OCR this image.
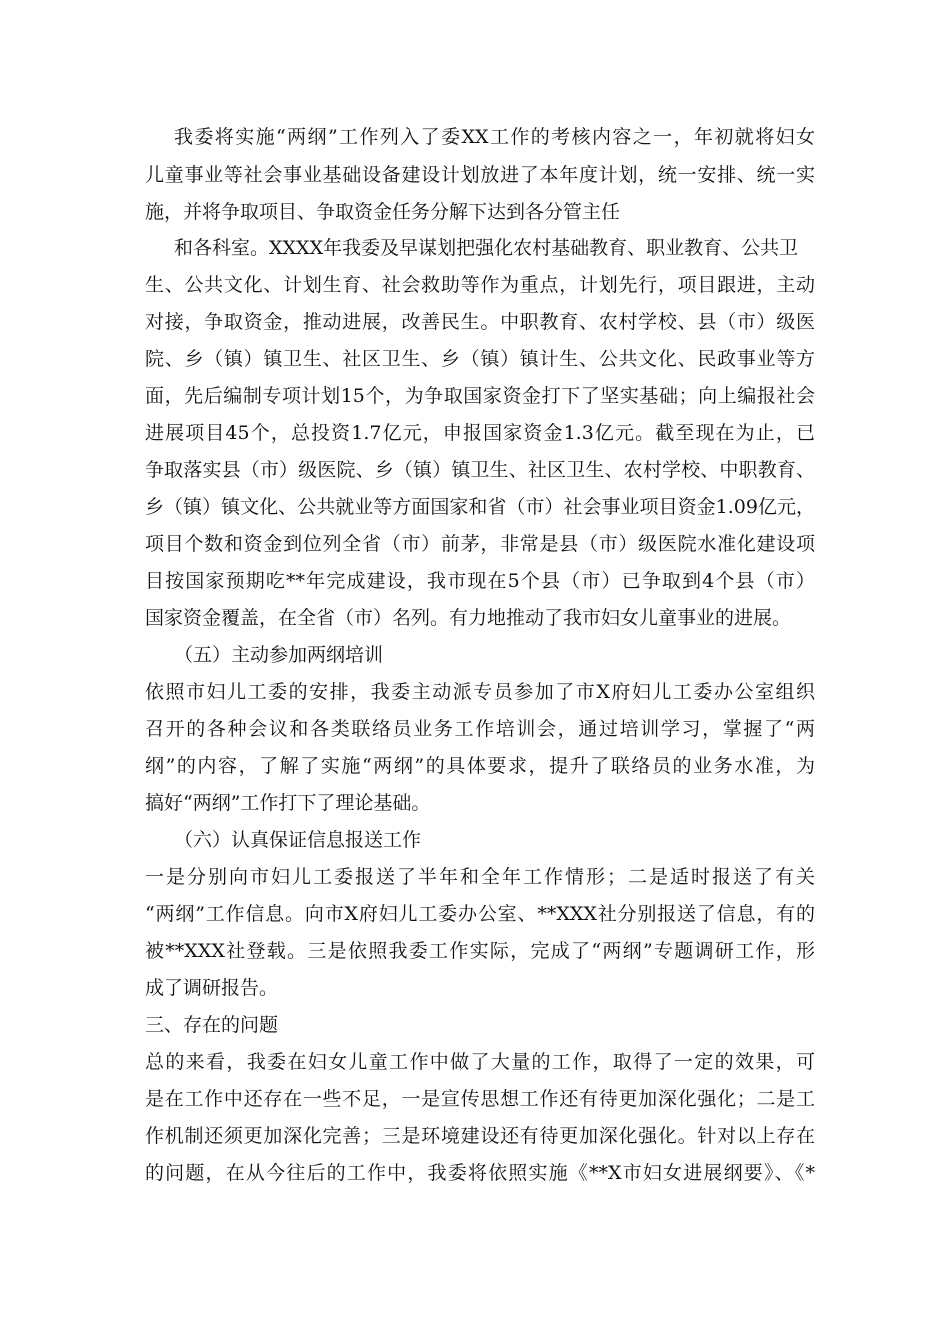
我委将实施“两纲”工作列入了委XX工作的考核内容之一，年初就将妇女
儿童事业等社会事业基础设备建设计划放进了本年度计划，统一安排、统一实
施，并将争取项目、争取资金任务分解下达到各分管主任
和各科室。XXXX年我委及早谋划把强化农村基础教育、职业教育、公共卫
生、公共文化、计划生育、社会救助等作为重点，计划先行，项目跟进，主动
对接，争取资金，推动进展，改善民生。中职教育、农村学校、县（市）级医
院、乡（镇）镇卫生、社区卫生、乡（镇）镇计生、公共文化、民政事业等方
面，先后编制专项计划15个，为争取国家资金打下了坚实基础；向上编报社会
进展项目45个，总投资1.7亿元，申报国家资金1.3亿元。截至现在为止，已
争取落实县（市）级医院、乡（镇）镇卫生、社区卫生、农村学校、中职教育、
乡（镇）镇文化、公共就业等方面国家和省（市）社会事业项目资金1.09亿元，
项目个数和资金到位列全省（市）前茅，非常是县（市）级医院水准化建设项
目按国家预期吃**年完成建设，我市现在5个县（市）已争取到4个县（市）
国家资金覆盖，在全省（市）名列。有力地推动了我市妇女儿童事业的进展。
（五）主动参加两纲培训
依照市妇儿工委的安排，我委主动派专员参加了市X府妇儿工委办公室组织
召开的各种会议和各类联络员业务工作培训会，通过培训学习，掌握了“两
纲”的内容，了解了实施“两纲”的具体要求，提升了联络员的业务水准，为
搞好“两纲”工作打下了理论基础。
（六）认真保证信息报送工作
一是分别向市妇儿工委报送了半年和全年工作情形；二是适时报送了有关
“两纲”工作信息。向市X府妇儿工委办公室、**XXX社分别报送了信息，有的
被**XXX社登载。三是依照我委工作实际，完成了“两纲”专题调研工作，形
成了调研报告。
三、存在的问题
总的来看，我委在妇女儿童工作中做了大量的工作，取得了一定的效果，可
是在工作中还存在一些不足，一是宣传思想工作还有待更加深化强化；二是工
作机制还须更加深化完善；三是环境建设还有待更加深化强化。针对以上存在
的问题，在从今往后的工作中，我委将依照实施《**X市妇女进展纲要》、《*
